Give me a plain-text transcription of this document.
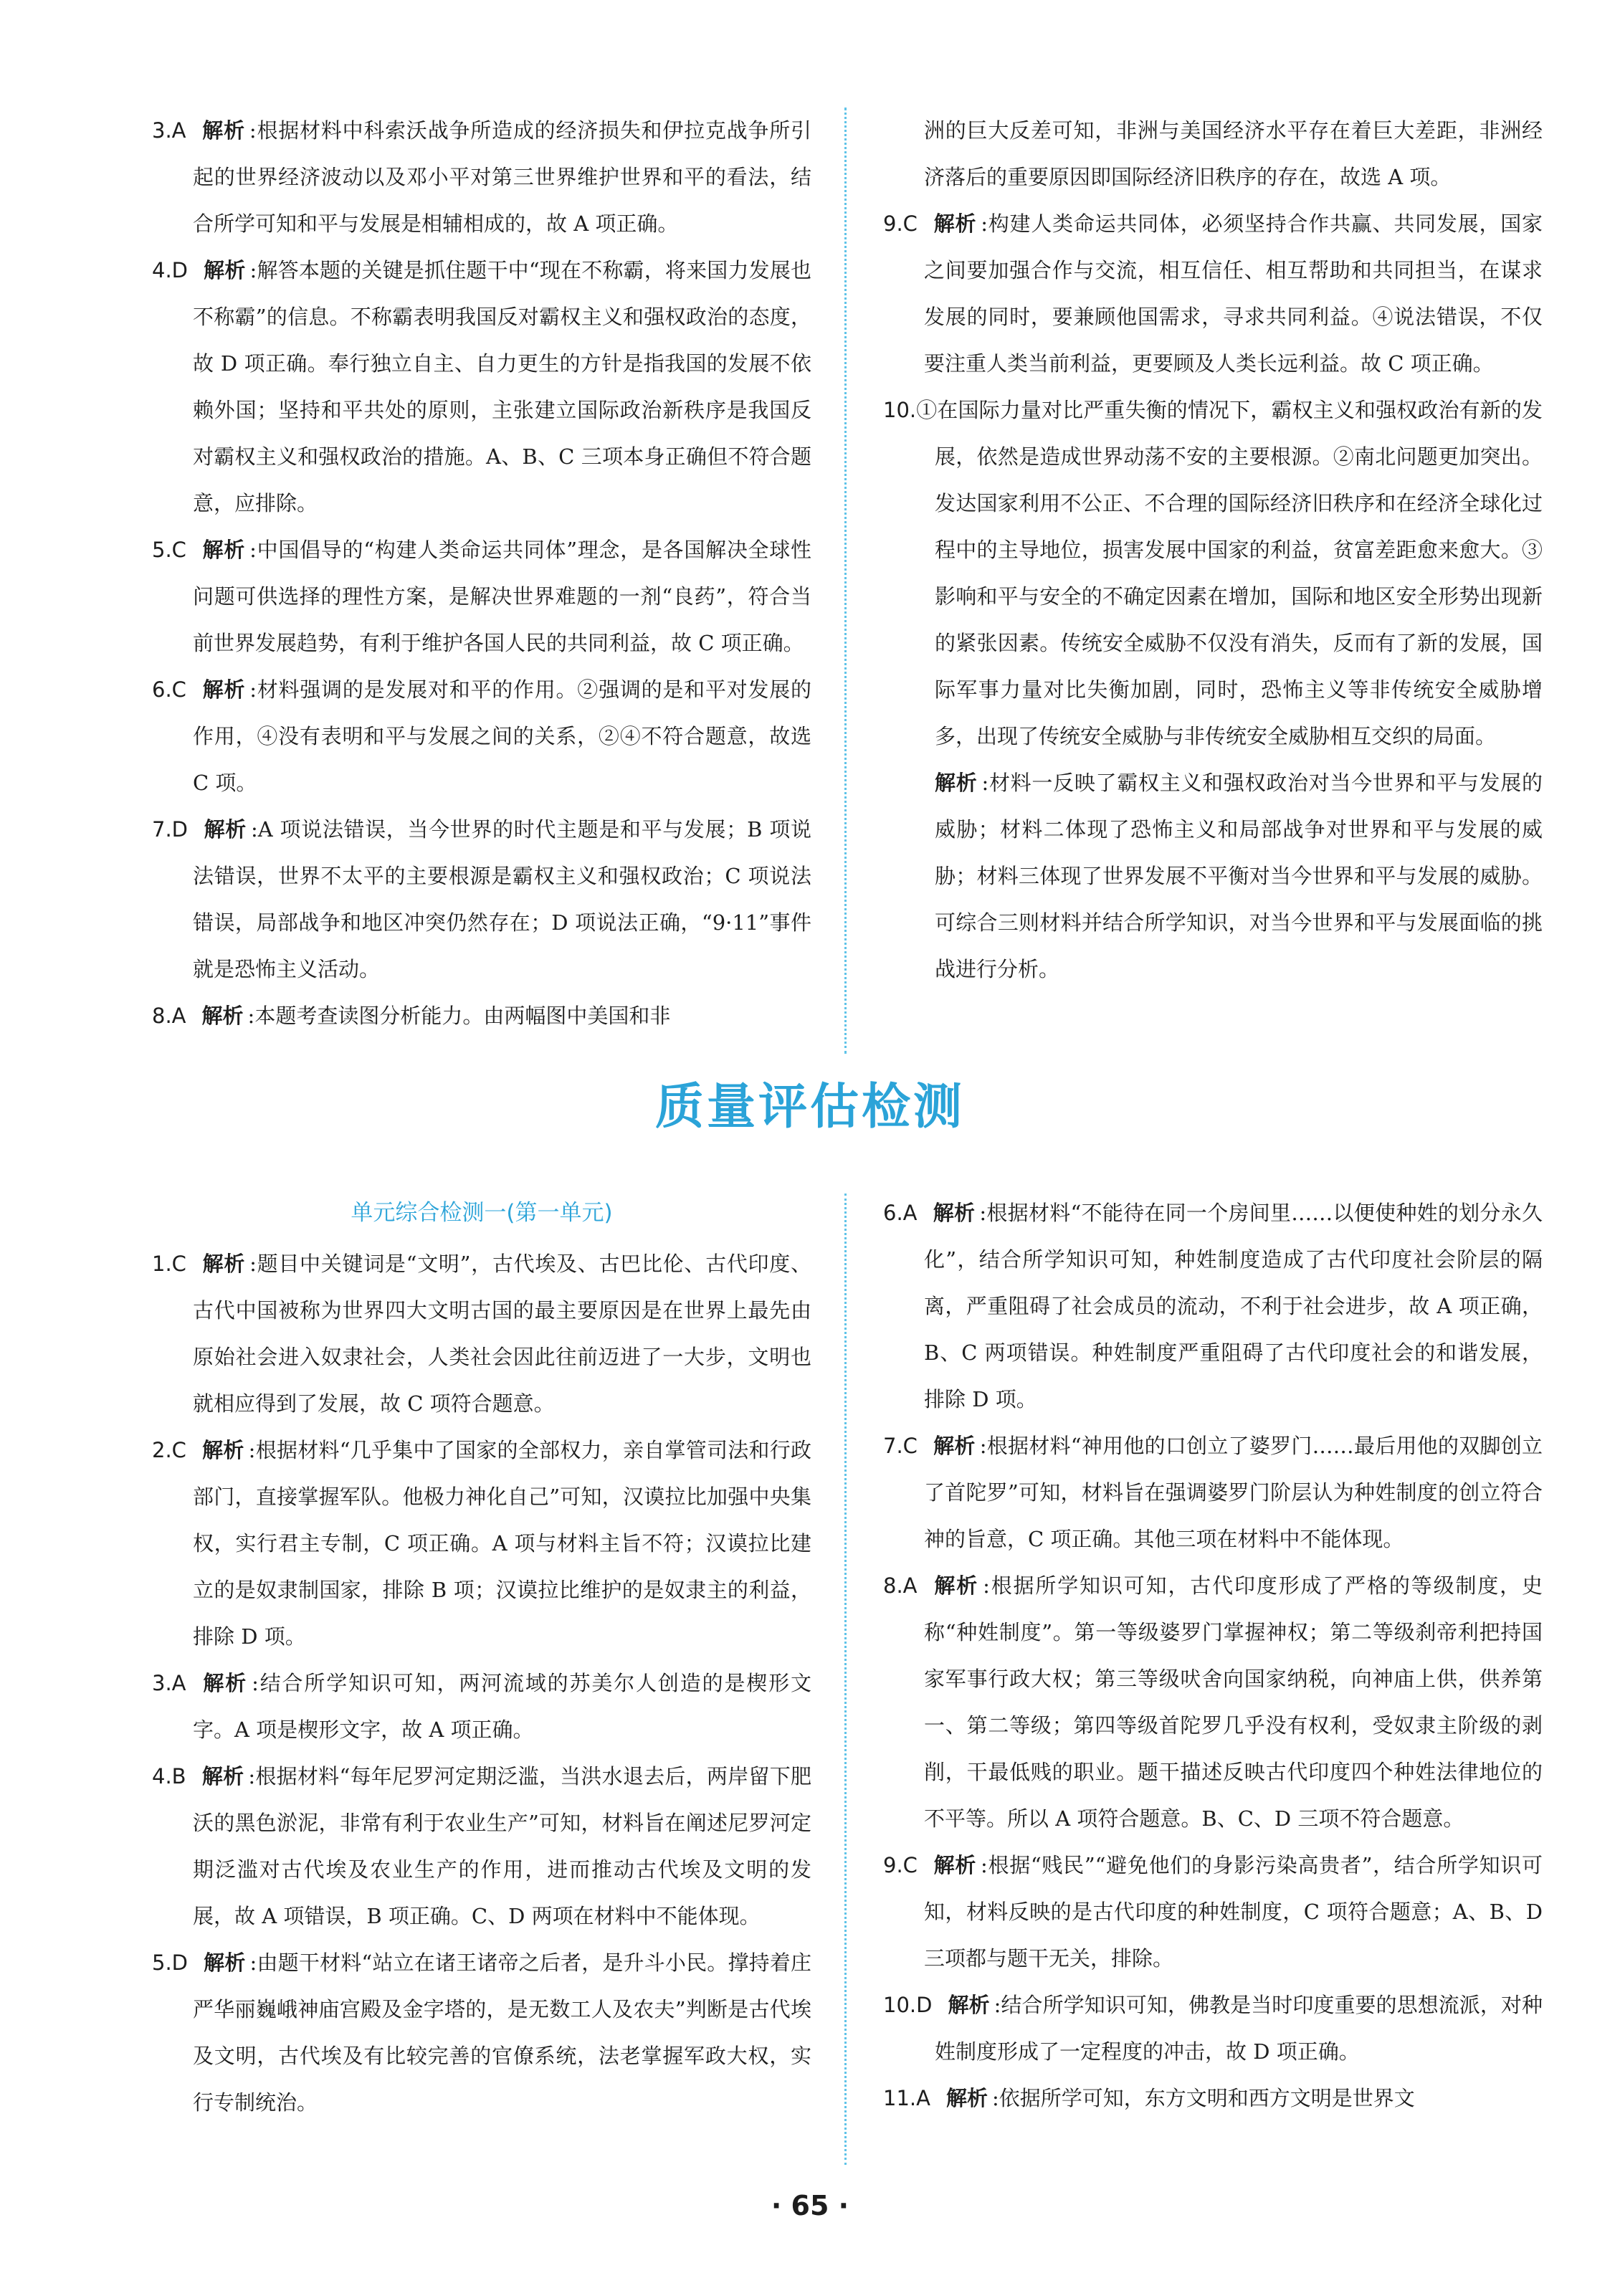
3.A 解析 :根据材料中科索沃战争所造成的经济损失和伊拉克战争所引起的世界经济波动以及邓小平对第三世界维护世界和平的看法，结合所学可知和平与发展是相辅相成的，故 A 项正确。

4.D 解析 :解答本题的关键是抓住题干中“现在不称霸，将来国力发展也不称霸”的信息。不称霸表明我国反对霸权主义和强权政治的态度，故 D 项正确。奉行独立自主、自力更生的方针是指我国的发展不依赖外国；坚持和平共处的原则，主张建立国际政治新秩序是我国反对霸权主义和强权政治的措施。A、B、C 三项本身正确但不符合题意，应排除。

5.C 解析 :中国倡导的“构建人类命运共同体”理念，是各国解决全球性问题可供选择的理性方案，是解决世界难题的一剂“良药”，符合当前世界发展趋势，有利于维护各国人民的共同利益，故 C 项正确。

6.C 解析 :材料强调的是发展对和平的作用。②强调的是和平对发展的作用，④没有表明和平与发展之间的关系，②④不符合题意，故选 C 项。

7.D 解析 :A 项说法错误，当今世界的时代主题是和平与发展；B 项说法错误，世界不太平的主要根源是霸权主义和强权政治；C 项说法错误，局部战争和地区冲突仍然存在；D 项说法正确，“9·11”事件就是恐怖主义活动。

8.A 解析 :本题考查读图分析能力。由两幅图中美国和非

洲的巨大反差可知，非洲与美国经济水平存在着巨大差距，非洲经济落后的重要原因即国际经济旧秩序的存在，故选 A 项。

9.C 解析 :构建人类命运共同体，必须坚持合作共赢、共同发展，国家之间要加强合作与交流，相互信任、相互帮助和共同担当，在谋求发展的同时，要兼顾他国需求，寻求共同利益。④说法错误，不仅要注重人类当前利益，更要顾及人类长远利益。故 C 项正确。

10.①在国际力量对比严重失衡的情况下，霸权主义和强权政治有新的发展，依然是造成世界动荡不安的主要根源。②南北问题更加突出。发达国家利用不公正、不合理的国际经济旧秩序和在经济全球化过程中的主导地位，损害发展中国家的利益，贫富差距愈来愈大。③影响和平与安全的不确定因素在增加，国际和地区安全形势出现新的紧张因素。传统安全威胁不仅没有消失，反而有了新的发展，国际军事力量对比失衡加剧，同时，恐怖主义等非传统安全威胁增多，出现了传统安全威胁与非传统安全威胁相互交织的局面。

解析 :材料一反映了霸权主义和强权政治对当今世界和平与发展的威胁；材料二体现了恐怖主义和局部战争对世界和平与发展的威胁；材料三体现了世界发展不平衡对当今世界和平与发展的威胁。可综合三则材料并结合所学知识，对当今世界和平与发展面临的挑战进行分析。

质量评估检测

单元综合检测一(第一单元)

1.C 解析 :题目中关键词是“文明”，古代埃及、古巴比伦、古代印度、古代中国被称为世界四大文明古国的最主要原因是在世界上最先由原始社会进入奴隶社会，人类社会因此往前迈进了一大步，文明也就相应得到了发展，故 C 项符合题意。

2.C 解析 :根据材料“几乎集中了国家的全部权力，亲自掌管司法和行政部门，直接掌握军队。他极力神化自己”可知，汉谟拉比加强中央集权，实行君主专制，C 项正确。A 项与材料主旨不符；汉谟拉比建立的是奴隶制国家，排除 B 项；汉谟拉比维护的是奴隶主的利益，排除 D 项。

3.A 解析 :结合所学知识可知，两河流域的苏美尔人创造的是楔形文字。A 项是楔形文字，故 A 项正确。

4.B 解析 :根据材料“每年尼罗河定期泛滥，当洪水退去后，两岸留下肥沃的黑色淤泥，非常有利于农业生产”可知，材料旨在阐述尼罗河定期泛滥对古代埃及农业生产的作用，进而推动古代埃及文明的发展，故 A 项错误，B 项正确。C、D 两项在材料中不能体现。

5.D 解析 :由题干材料“站立在诸王诸帝之后者，是升斗小民。撑持着庄严华丽巍峨神庙宫殿及金字塔的，是无数工人及农夫”判断是古代埃及文明，古代埃及有比较完善的官僚系统，法老掌握军政大权，实行专制统治。

6.A 解析 :根据材料“不能待在同一个房间里……以便使种姓的划分永久化”，结合所学知识可知，种姓制度造成了古代印度社会阶层的隔离，严重阻碍了社会成员的流动，不利于社会进步，故 A 项正确，B、C 两项错误。种姓制度严重阻碍了古代印度社会的和谐发展，排除 D 项。

7.C 解析 :根据材料“神用他的口创立了婆罗门……最后用他的双脚创立了首陀罗”可知，材料旨在强调婆罗门阶层认为种姓制度的创立符合神的旨意，C 项正确。其他三项在材料中不能体现。

8.A 解析 :根据所学知识可知，古代印度形成了严格的等级制度，史称“种姓制度”。第一等级婆罗门掌握神权；第二等级刹帝利把持国家军事行政大权；第三等级吠舍向国家纳税，向神庙上供，供养第一、第二等级；第四等级首陀罗几乎没有权利，受奴隶主阶级的剥削，干最低贱的职业。题干描述反映古代印度四个种姓法律地位的不平等。所以 A 项符合题意。B、C、D 三项不符合题意。

9.C 解析 :根据“贱民”“避免他们的身影污染高贵者”，结合所学知识可知，材料反映的是古代印度的种姓制度，C 项符合题意；A、B、D 三项都与题干无关，排除。

10.D 解析 :结合所学知识可知，佛教是当时印度重要的思想流派，对种姓制度形成了一定程度的冲击，故 D 项正确。

11.A 解析 :依据所学可知，东方文明和西方文明是世界文

· 65 ·
